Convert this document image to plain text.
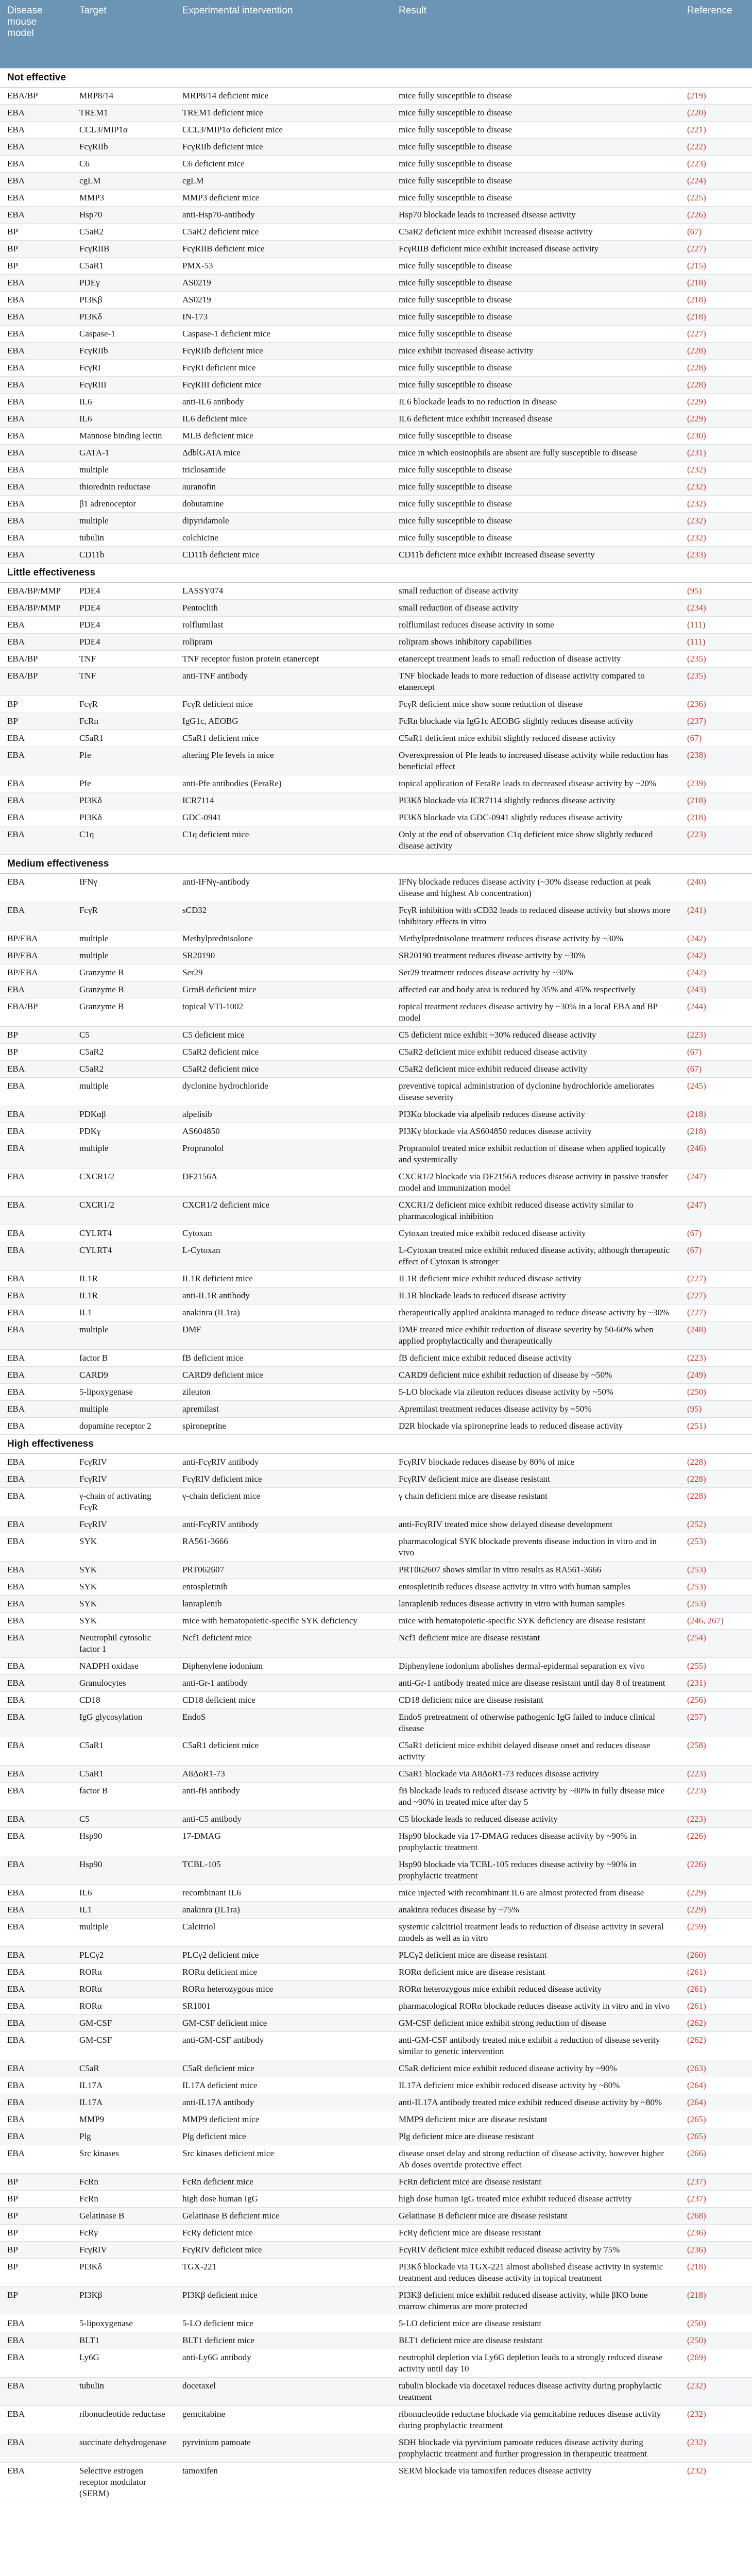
Disease mouse model	Target	Experimental intervention	Result	Reference
Not effective				
EBA/BP	MRP8/14	MRP8/14 deficient mice	mice fully susceptible to disease	(219)
EBA	TREM1	TREM1 deficient mice	mice fully susceptible to disease	(220)
EBA	CCL3/MIP1α	CCL3/MIP1α deficient mice	mice fully susceptible to disease	(221)
EBA	FcγRIIb	FcγRIIb deficient mice	mice fully susceptible to disease	(222)
EBA	C6	C6 deficient mice	mice fully susceptible to disease	(223)
EBA	cgLM	cgLM	mice fully susceptible to disease	(224)
EBA	MMP3	MMP3 deficient mice	mice fully susceptible to disease	(225)
EBA	Hsp70	anti-Hsp70-antibody	Hsp70 blockade leads to increased disease activity	(226)
BP	C5aR2	C5aR2 deficient mice	C5aR2 deficient mice exhibit increased disease activity	(67)
BP	FcγRIIB	FcγRIIB deficient mice	FcγRIIB deficient mice exhibit increased disease activity	(227)
BP	C5aR1	PMX-53	mice fully susceptible to disease	(215)
EBA	PDEγ	AS0219	mice fully susceptible to disease	(218)
EBA	PI3Kβ	AS0219	mice fully susceptible to disease	(218)
EBA	PI3Kδ	IN-173	mice fully susceptible to disease	(218)
EBA	Caspase-1	Caspase-1 deficient mice	mice fully susceptible to disease	(227)
EBA	FcγRIIb	FcγRIIb deficient mice	mice exhibit increased disease activity	(228)
EBA	FcγRI	FcγRI deficient mice	mice fully susceptible to disease	(228)
EBA	FcγRIII	FcγRIII deficient mice	mice fully susceptible to disease	(228)
EBA	IL6	anti-IL6 antibody	IL6 blockade leads to no reduction in disease	(229)
EBA	IL6	IL6 deficient mice	IL6 deficient mice exhibit increased disease	(229)
EBA	Mannose binding lectin	MLB deficient mice	mice fully susceptible to disease	(230)
EBA	GATA-1	ΔdblGATA mice	mice in which eosinophils are absent are fully susceptible to disease	(231)
EBA	multiple	triclosamide	mice fully susceptible to disease	(232)
EBA	thiorednin reductase	auranofin	mice fully susceptible to disease	(232)
EBA	β1 adrenoceptor	dobutamine	mice fully susceptible to disease	(232)
EBA	multiple	dipyridamole	mice fully susceptible to disease	(232)
EBA	tubulin	colchicine	mice fully susceptible to disease	(232)
EBA	CD11b	CD11b deficient mice	CD11b deficient mice exhibit increased disease severity	(233)
Little effectiveness				
EBA/BP/MMP	PDE4	LASSY074	small reduction of disease activity	(95)
EBA/BP/MMP	PDE4	Pentoclith	small reduction of disease activity	(234)
EBA	PDE4	rolflumilast	rolflumilast reduces disease activity in some	(111)
EBA	PDE4	rolipram	rolipram shows inhibitory capabilities	(111)
EBA/BP	TNF	TNF receptor fusion protein etanercept	etanercept treatment leads to small reduction of disease activity	(235)
EBA/BP	TNF	anti-TNF antibody	TNF blockade leads to more reduction of disease activity compared to etanercept	(235)
BP	FcγR	FcγR deficient mice	FcγR deficient mice show some reduction of disease	(236)
BP	FcRn	IgG1c, AEOBG	FcRn blockade via IgG1c AEOBG slightly reduces disease activity	(237)
EBA	C5aR1	C5aR1 deficient mice	C5aR1 deficient mice exhibit slightly reduced disease activity	(67)
EBA	Pfe	altering Pfe levels in mice	Overexpression of Pfe leads to increased disease activity while reduction has beneficial effect	(238)
EBA	Pfe	anti-Pfe antibodies (FeraRe)	topical application of FeraRe leads to decreased disease activity by ~20%	(239)
EBA	PI3Kδ	ICR7114	PI3Kδ blockade via ICR7114 slightly reduces disease activity	(218)
EBA	PI3Kδ	GDC-0941	PI3Kδ blockade via GDC-0941 slightly reduces disease activity	(218)
EBA	C1q	C1q deficient mice	Only at the end of observation C1q deficient mice show slightly reduced disease activity	(223)
Medium effectiveness				
EBA	IFNγ	anti-IFNγ-antibody	IFNγ blockade reduces disease activity (~30% disease reduction at peak disease and highest Ab concentration)	(240)
EBA	FcγR	sCD32	FcγR inhibition with sCD32 leads to reduced disease activity but shows more inhibitory effects in vitro	(241)
BP/EBA	multiple	Methylprednisolone	Methylprednisolone treatment reduces disease activity by ~30%	(242)
BP/EBA	multiple	SR20190	SR20190 treatment reduces disease activity by ~30%	(242)
BP/EBA	Granzyme B	Ser29	Ser29 treatment reduces disease activity by ~30%	(242)
EBA	Granzyme B	GrmB deficient mice	affected ear and body area is reduced by 35% and 45% respectively	(243)
EBA/BP	Granzyme B	topical VTI-1002	topical treatment reduces disease activity by ~30% in a local EBA and BP model	(244)
BP	C5	C5 deficient mice	C5 deficient mice exhibit ~30% reduced disease activity	(223)
BP	C5aR2	C5aR2 deficient mice	C5aR2 deficient mice exhibit reduced disease activity	(67)
EBA	C5aR2	C5aR2 deficient mice	C5aR2 deficient mice exhibit reduced disease activity	(67)
EBA	multiple	dyclonine hydrochloride	preventive topical administration of dyclonine hydrochloride ameliorates disease severity	(245)
EBA	PDKαβ	alpelisib	PI3Kα blockade via alpelisib reduces disease activity	(218)
EBA	PDKγ	AS604850	PI3Kγ blockade via AS604850 reduces disease activity	(218)
EBA	multiple	Propranolol	Propranolol treated mice exhibit reduction of disease when applied topically and systemically	(246)
EBA	CXCR1/2	DF2156A	CXCR1/2 blockade via DF2156A reduces disease activity in passive transfer model and immunization model	(247)
EBA	CXCR1/2	CXCR1/2 deficient mice	CXCR1/2 deficient mice exhibit reduced disease activity similar to pharmacological inhibition	(247)
EBA	CYLRT4	Cytoxan	Cytoxan treated mice exhibit reduced disease activity	(67)
EBA	CYLRT4	L-Cytoxan	L-Cytoxan treated mice exhibit reduced disease activity, although therapeutic effect of Cytoxan is stronger	(67)
EBA	IL1R	IL1R deficient mice	IL1R deficient mice exhibit reduced disease activity	(227)
EBA	IL1R	anti-IL1R antibody	IL1R blockade leads to reduced disease activity	(227)
EBA	IL1	anakinra (IL1ra)	therapeutically applied anakinra managed to reduce disease activity by ~30%	(227)
EBA	multiple	DMF	DMF treated mice exhibit reduction of disease severity by 50-60% when applied prophylactically and therapeutically	(248)
EBA	factor B	fB deficient mice	fB deficient mice exhibit reduced disease activity	(223)
EBA	CARD9	CARD9 deficient mice	CARD9 deficient mice exhibit reduction of disease by ~50%	(249)
EBA	5-lipoxygenase	zileuton	5-LO blockade via zileuton reduces disease activity by ~50%	(250)
EBA	multiple	apremilast	Apremilast treatment reduces disease activity by ~50%	(95)
EBA	dopamine receptor 2	spironeprine	D2R blockade via spironeprine leads to reduced disease activity	(251)
High effectiveness				
EBA	FcγRIV	anti-FcγRIV antibody	FcγRIV blockade reduces disease by 80% of mice	(228)
EBA	FcγRIV	FcγRIV deficient mice	FcγRIV deficient mice are disease resistant	(228)
EBA	γ-chain of activating FcγR	γ-chain deficient mice	γ chain deficient mice are disease resistant	(228)
EBA	FcγRIV	anti-FcγRIV antibody	anti-FcγRIV treated mice show delayed disease development	(252)
EBA	SYK	RA561-3666	pharmacological SYK blockade prevents disease induction in vitro and in vivo	(253)
EBA	SYK	PRT062607	PRT062607 shows similar in vitro results as RA561-3666	(253)
EBA	SYK	entospletinib	entospletinib reduces disease activity in vitro with human samples	(253)
EBA	SYK	lanraplenib	lanraplenib reduces disease activity in vitro with human samples	(253)
EBA	SYK	mice with hematopoietic-specific SYK deficiency	mice with hematopoietic-specific SYK deficiency are disease resistant	(246, 267)
EBA	Neutrophil cytosolic factor 1	Ncf1 deficient mice	Ncf1 deficient mice are disease resistant	(254)
EBA	NADPH oxidase	Diphenylene iodonium	Diphenylene iodonium abolishes dermal-epidermal separation ex vivo	(255)
EBA	Granulocytes	anti-Gr-1 antibody	anti-Gr-1 antibody treated mice are disease resistant until day 8 of treatment	(231)
EBA	CD18	CD18 deficient mice	CD18 deficient mice are disease resistant	(256)
EBA	IgG glycosylation	EndoS	EndoS pretreatment of otherwise pathogenic IgG failed to induce clinical disease	(257)
EBA	C5aR1	C5aR1 deficient mice	C5aR1 deficient mice exhibit delayed disease onset and reduces disease activity	(258)
EBA	C5aR1	A8ΔοR1-73	C5aR1 blockade via A8ΔοR1-73 reduces disease activity	(223)
EBA	factor B	anti-fB antibody	fB blockade leads to reduced disease activity by ~80% in fully disease mice and ~90% in treated mice after day 5	(223)
EBA	C5	anti-C5 antibody	C5 blockade leads to reduced disease activity	(223)
EBA	Hsp90	17-DMAG	Hsp90 blockade via 17-DMAG reduces disease activity by ~90% in prophylactic treatment	(226)
EBA	Hsp90	TCBL-105	Hsp90 blockade via TCBL-105 reduces disease activity by ~90% in prophylactic treatment	(226)
EBA	IL6	recombinant IL6	mice injected with recombinant IL6 are almost protected from disease	(229)
EBA	IL1	anakinra (IL1ra)	anakinra reduces disease by ~75%	(229)
EBA	multiple	Calcitriol	systemic calcitriol treatment leads to reduction of disease activity in several models as well as in vitro	(259)
EBA	PLCγ2	PLCγ2 deficient mice	PLCγ2 deficient mice are disease resistant	(260)
EBA	RORα	RORα deficient mice	RORα deficient mice are disease resistant	(261)
EBA	RORα	RORα heterozygous mice	RORα heterozygous mice exhibit reduced disease activity	(261)
EBA	RORα	SR1001	pharmacological RORα blockade reduces disease activity in vitro and in vivo	(261)
EBA	GM-CSF	GM-CSF deficient mice	GM-CSF deficient mice exhibit strong reduction of disease	(262)
EBA	GM-CSF	anti-GM-CSF antibody	anti-GM-CSF antibody treated mice exhibit a reduction of disease severity similar to genetic intervention	(262)
EBA	C5aR	C5aR deficient mice	C5aR deficient mice exhibit reduced disease activity by ~90%	(263)
EBA	IL17A	IL17A deficient mice	IL17A deficient mice exhibit reduced disease activity by ~80%	(264)
EBA	IL17A	anti-IL17A antibody	anti-IL17A antibody treated mice exhibit reduced disease activity by ~80%	(264)
EBA	MMP9	MMP9 deficient mice	MMP9 deficient mice are disease resistant	(265)
EBA	Plg	Plg deficient mice	Plg deficient mice are disease resistant	(265)
EBA	Src kinases	Src kinases deficient mice	disease onset delay and strong reduction of disease activity, however higher Ab doses override protective effect	(266)
BP	FcRn	FcRn deficient mice	FcRn deficient mice are disease resistant	(237)
BP	FcRn	high dose human IgG	high dose human IgG treated mice exhibit reduced disease activity	(237)
BP	Gelatinase B	Gelatinase B deficient mice	Gelatinase B deficient mice are disease resistant	(268)
BP	FcRγ	FcRγ deficient mice	FcRγ deficient mice are disease resistant	(236)
BP	FcγRIV	FcγRIV deficient mice	FcγRIV deficient mice exhibit reduced disease activity by 75%	(236)
BP	PI3Kδ	TGX-221	PI3Kδ blockade via TGX-221 almost abolished disease activity in systemic treatment and reduces disease activity in topical treatment	(218)
BP	PI3Kβ	PI3Kβ deficient mice	PI3Kβ deficient mice exhibit reduced disease activity, while βKO bone marrow chimeras are more protected	(218)
EBA	5-lipoxygenase	5-LO deficient mice	5-LO deficient mice are disease resistant	(250)
EBA	BLT1	BLT1 deficient mice	BLT1 deficient mice are disease resistant	(250)
EBA	Ly6G	anti-Ly6G antibody	neutrophil depletion via Ly6G depletion leads to a strongly reduced disease activity until day 10	(269)
EBA	tubulin	docetaxel	tubulin blockade via docetaxel reduces disease activity during prophylactic treatment	(232)
EBA	ribonucleotide reductase	gemcitabine	ribonucleotide reductase blockade via gemcitabine reduces disease activity during prophylactic treatment	(232)
EBA	succinate dehydrogenase	pyrvinium pamoate	SDH blockade via pyrvinium pamoate reduces disease activity during prophylactic treatment and further progression in therapeutic treatment	(232)
EBA	Selective estrogen receptor modulator (SERM)	tamoxifen	SERM blockade via tamoxifen reduces disease activity	(232)
